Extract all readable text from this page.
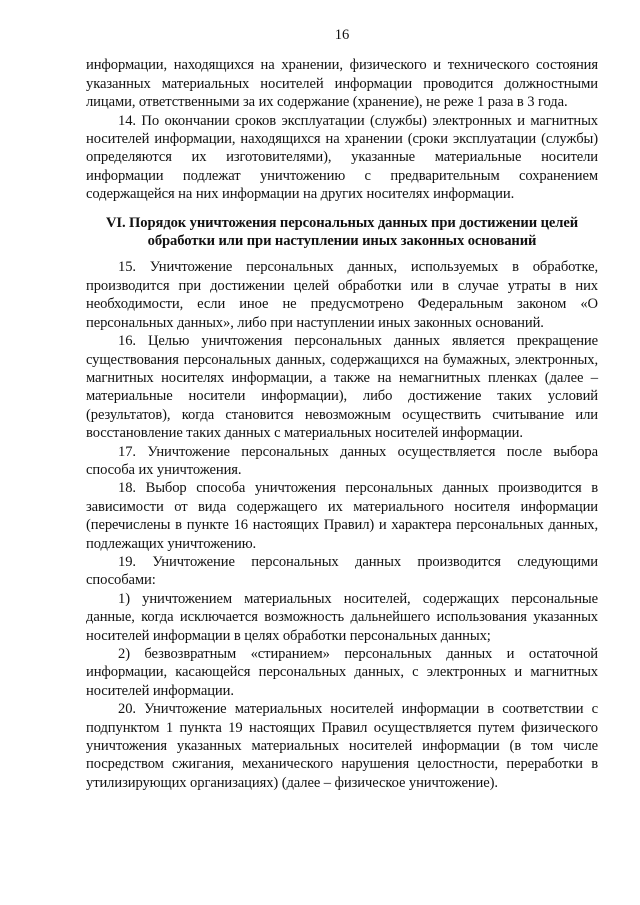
16

информации, находящихся на хранении, физического и технического состояния указанных материальных носителей информации проводится должностными лицами, ответственными за их содержание (хранение), не реже 1 раза в 3 года.

14. По окончании сроков эксплуатации (службы) электронных и магнитных носителей информации, находящихся на хранении (сроки эксплуатации (службы) определяются их изготовителями), указанные материальные носители информации подлежат уничтожению с предварительным сохранением содержащейся на них информации на других носителях информации.

VI. Порядок уничтожения персональных данных при достижении целей обработки или при наступлении иных законных оснований

15. Уничтожение персональных данных, используемых в обработке, производится при достижении целей обработки или в случае утраты в них необходимости, если иное не предусмотрено Федеральным законом «О персональных данных», либо при наступлении иных законных оснований.

16. Целью уничтожения персональных данных является прекращение существования персональных данных, содержащихся на бумажных, электронных, магнитных носителях информации, а также на немагнитных пленках (далее – материальные носители информации), либо достижение таких условий (результатов), когда становится невозможным осуществить считывание или восстановление таких данных с материальных носителей информации.

17. Уничтожение персональных данных осуществляется после выбора способа их уничтожения.

18. Выбор способа уничтожения персональных данных производится в зависимости от вида содержащего их материального носителя информации (перечислены в пункте 16 настоящих Правил) и характера персональных данных, подлежащих уничтожению.

19. Уничтожение персональных данных производится следующими способами:

1) уничтожением материальных носителей, содержащих персональные данные, когда исключается возможность дальнейшего использования указанных носителей информации в целях обработки персональных данных;

2) безвозвратным «стиранием» персональных данных и остаточной информации, касающейся персональных данных, с электронных и магнитных носителей информации.

20. Уничтожение материальных носителей информации в соответствии с подпунктом 1 пункта 19 настоящих Правил осуществляется путем физического уничтожения указанных материальных носителей информации (в том числе посредством сжигания, механического нарушения целостности, переработки в утилизирующих организациях) (далее – физическое уничтожение).
